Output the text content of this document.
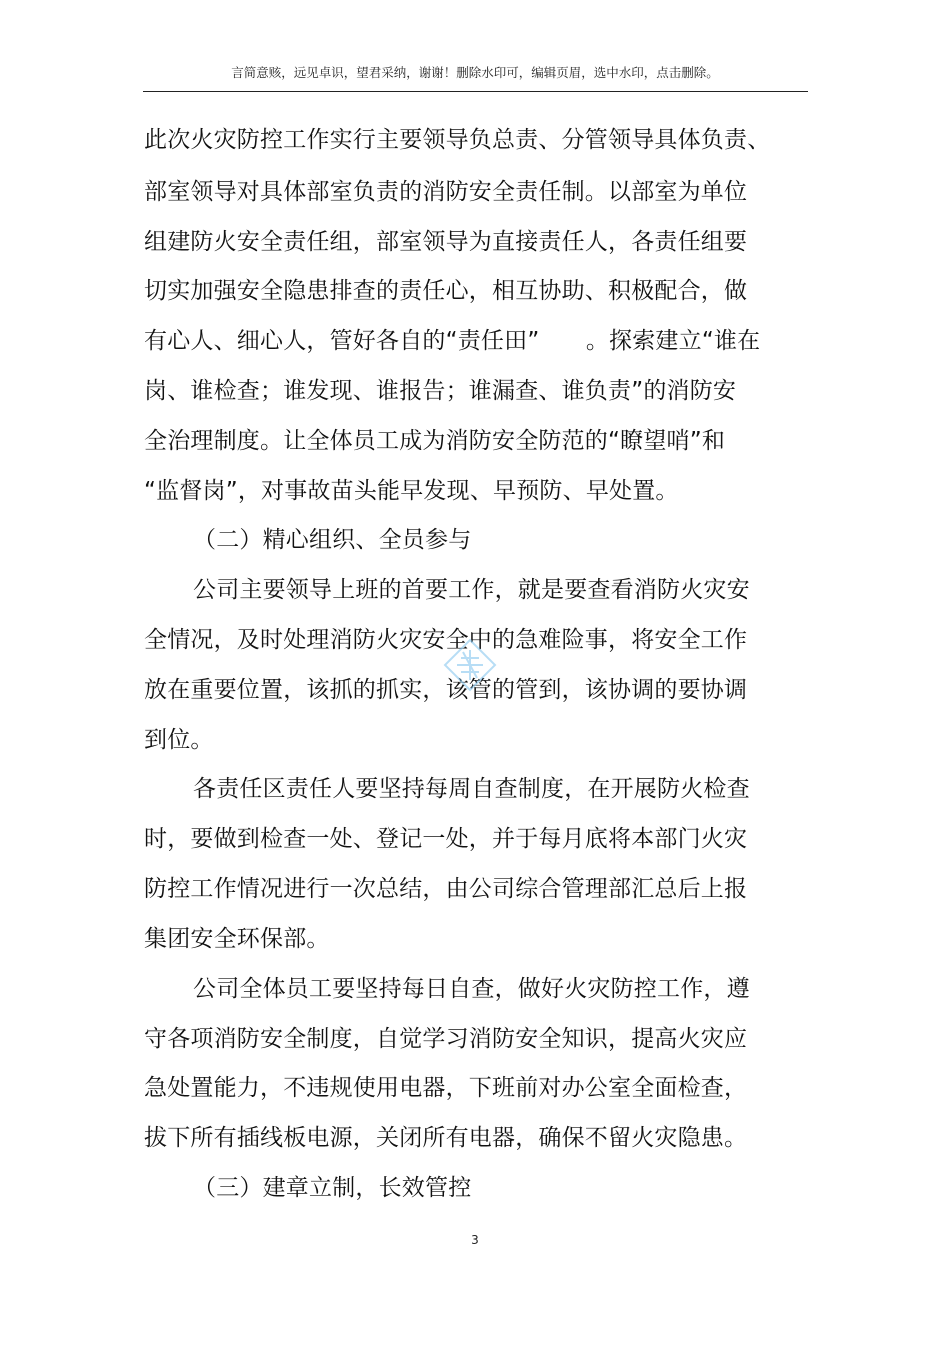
言简意赅，远见卓识，望君采纳，谢谢！删除水印可，编辑页眉，选中水印，点击删除。
此次火灾防控工作实行主要领导负总责、分管领导具体负责、
部室领导对具体部室负责的消防安全责任制。以部室为单位
组建防火安全责任组，部室领导为直接责任人，各责任组要
切实加强安全隐患排查的责任心，相互协助、积极配合，做
有心人、细心人，管好各自的“责任田”　　。探索建立“谁在
岗、谁检查；谁发现、谁报告；谁漏查、谁负责”的消防安
全治理制度。让全体员工成为消防安全防范的“瞭望哨”和
“监督岗”，对事故苗头能早发现、早预防、早处置。
（二）精心组织、全员参与
公司主要领导上班的首要工作，就是要查看消防火灾安
全情况，及时处理消防火灾安全中的急难险事，将安全工作
放在重要位置，该抓的抓实，该管的管到，该协调的要协调
到位。
各责任区责任人要坚持每周自查制度，在开展防火检查
时，要做到检查一处、登记一处，并于每月底将本部门火灾
防控工作情况进行一次总结，由公司综合管理部汇总后上报
集团安全环保部。
公司全体员工要坚持每日自查，做好火灾防控工作，遵
守各项消防安全制度，自觉学习消防安全知识，提高火灾应
急处置能力，不违规使用电器，下班前对办公室全面检查，
拔下所有插线板电源，关闭所有电器，确保不留火灾隐患。
（三）建章立制，长效管控
3
